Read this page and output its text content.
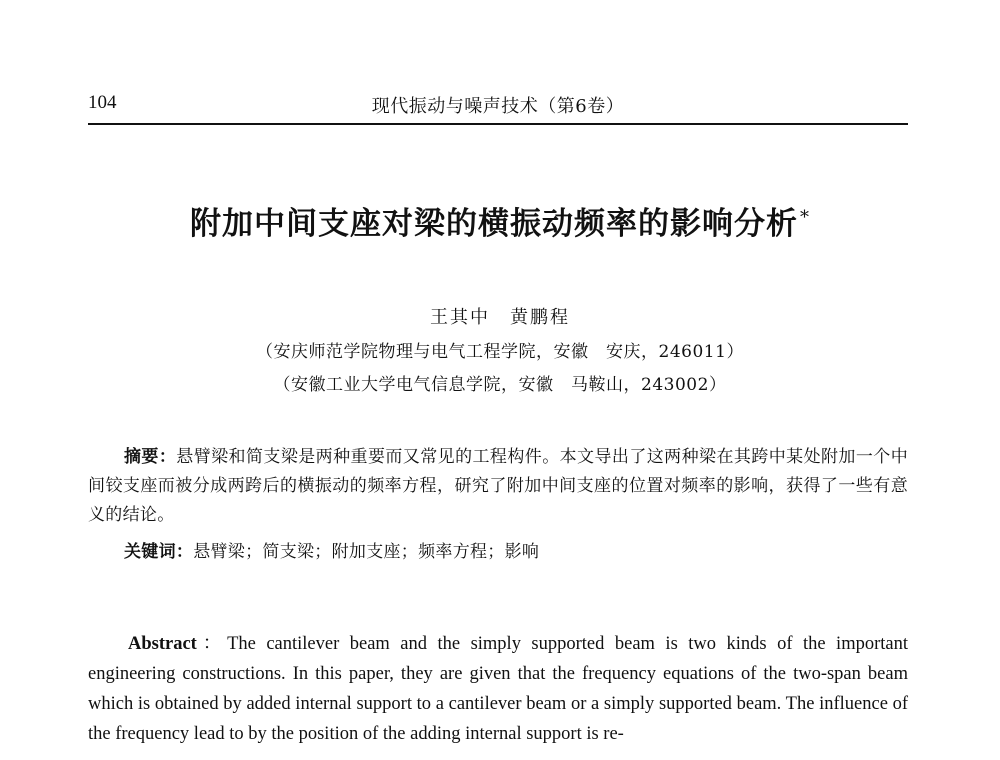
104	现代振动与噪声技术（第6卷）
附加中间支座对梁的横振动频率的影响分析 *
王其中　黄鹏程
（安庆师范学院物理与电气工程学院，安徽　安庆，246011）
（安徽工业大学电气信息学院，安徽　马鞍山，243002）
摘要：悬臂梁和简支梁是两种重要而又常见的工程构件。本文导出了这两种梁在其跨中某处附加一个中间铰支座而被分成两跨后的横振动的频率方程，研究了附加中间支座的位置对频率的影响，获得了一些有意义的结论。
关键词：悬臂梁；简支梁；附加支座；频率方程；影响
Abstract：The cantilever beam and the simply supported beam is two kinds of the important engineering constructions. In this paper, they are given that the frequency equations of the two-span beam which is obtained by added internal support to a cantilever beam or a simply supported beam. The influence of the frequency lead to by the position of the adding internal support is re-
